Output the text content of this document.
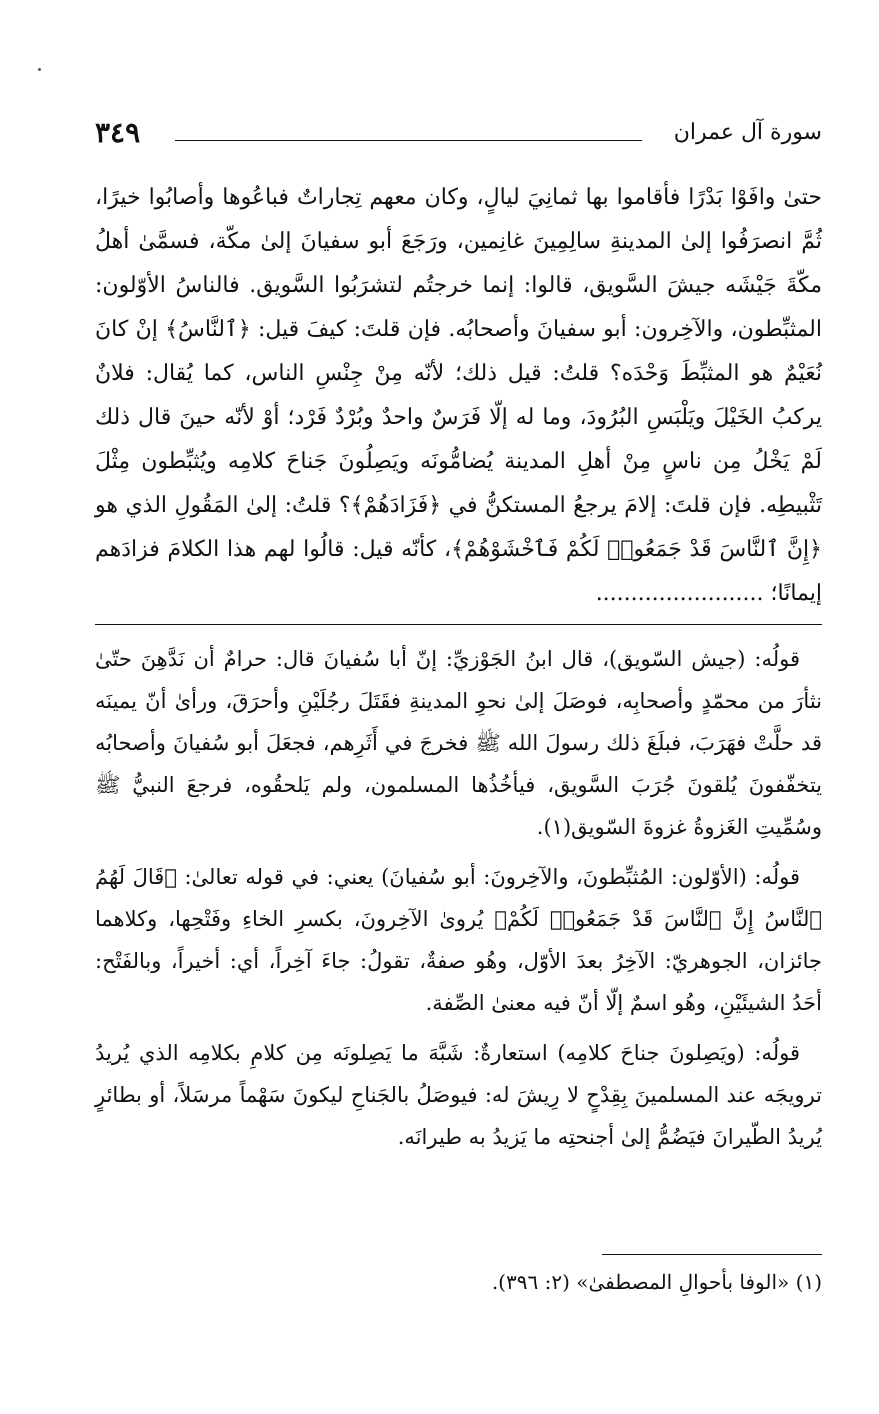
سورة آل عمران
٣٤٩

حتىٰ وافَوْا بَدْرًا فأقاموا بها ثمانِيَ ليالٍ، وكان معهم تِجاراتٌ فباعُوها وأصابُوا خيرًا، ثُمَّ انصرَفُوا إلىٰ المدينةِ سالِمِينَ غانِمين، ورَجَعَ أبو سفيانَ إلىٰ مكّة، فسمَّىٰ أهلُ مكّةَ جَيْشَه جيشَ السَّويق، قالوا: إنما خرجتُم لتشرَبُوا السَّويق. فالناسُ الأوّلون: المثبِّطون، والآخِرون: أبو سفيانَ وأصحابُه. فإن قلتَ: كيفَ قيل: ﴿ٱلنَّاسُ﴾ إنْ كانَ نُعَيْمٌ هو المثبِّطَ وَحْدَه؟ قلتُ: قيل ذلك؛ لأنّه مِنْ جِنْسِ الناس، كما يُقال: فلانٌ يركبُ الخَيْلَ ويَلْبَسِ البُرُودَ، وما له إلّا فَرَسٌ واحدٌ وبُرْدٌ فَرْد؛ أوْ لأنّه حينَ قال ذلك لَمْ يَخْلُ مِن ناسٍ مِنْ أهلِ المدينة يُضامُّونَه ويَصِلُونَ جَناحَ كلامِه ويُثبِّطون مِثْلَ تَثْبيطِه. فإن قلتَ: إلامَ يرجعُ المستكنُّ في ﴿فَزَادَهُمْ﴾؟ قلتُ: إلىٰ المَقُولِ الذي هو ﴿إِنَّ ٱلنَّاسَ قَدْ جَمَعُوا۟ لَكُمْ فَٱخْشَوْهُمْ﴾، كأنّه قيل: قالُوا لهم هذا الكلامَ فزادَهم إيمانًا؛ ........................

قولُه: (جيش السّويق)، قال ابنُ الجَوْزيِّ: إنّ أبا سُفيانَ قال: حرامٌ أن نَدَّهِنَ حتّىٰ نثأرَ من محمّدٍ وأصحابِه، فوصَلَ إلىٰ نحوِ المدينةِ فقَتَلَ رجُلَيْنِ وأحرَقَ، ورأىٰ أنّ يمينَه قد حلَّتْ فهَرَبَ، فبلَغَ ذلك رسولَ الله ﷺ فخرجَ في أَثَرِهم، فجعَلَ أبو سُفيانَ وأصحابُه يتخفّفونَ يُلقونَ جُرَبَ السَّويق، فيأخُذُها المسلمون، ولم يَلحقُوه، فرجعَ النبيُّ ﷺ وسُمِّيتِ الغَزوةُ غزوةَ السّويق(١).

قولُه: (الأوّلون: المُثبِّطونَ، والآخِرونَ: أبو سُفيانَ) يعني: في قوله تعالىٰ: ﴿قَالَ لَهُمُ ٱلنَّاسُ إِنَّ ٱلنَّاسَ قَدْ جَمَعُوا۟ لَكُمْ﴾ يُروىٰ الآخِرونَ، بكسرِ الخاءِ وفَتْحِها، وكلاهما جائزان، الجوهريّ: الآخِرُ بعدَ الأوّل، وهُو صفةٌ، تقولُ: جاءَ آخِراً، أي: أخيراً، وبالفَتْح: أحَدُ الشيئَيْنِ، وهُو اسمٌ إلّا أنّ فيه معنىٰ الصِّفة.

قولُه: (ويَصِلونَ جناحَ كلامِه) استعارةٌ: شَبَّهَ ما يَصِلونَه مِن كلامِ بكلامِه الذي يُريدُ ترويجَه عند المسلمينَ بِقِدْحٍ لا رِيشَ له: فيوصَلُ بالجَناحِ ليكونَ سَهْماً مرسَلاً، أو بطائرٍ يُريدُ الطّيرانَ فيَضُمُّ إلىٰ أجنحتِه ما يَزيدُ به طيرانَه.

(١) «الوفا بأحوالِ المصطفىٰ» (٢: ٣٩٦).
